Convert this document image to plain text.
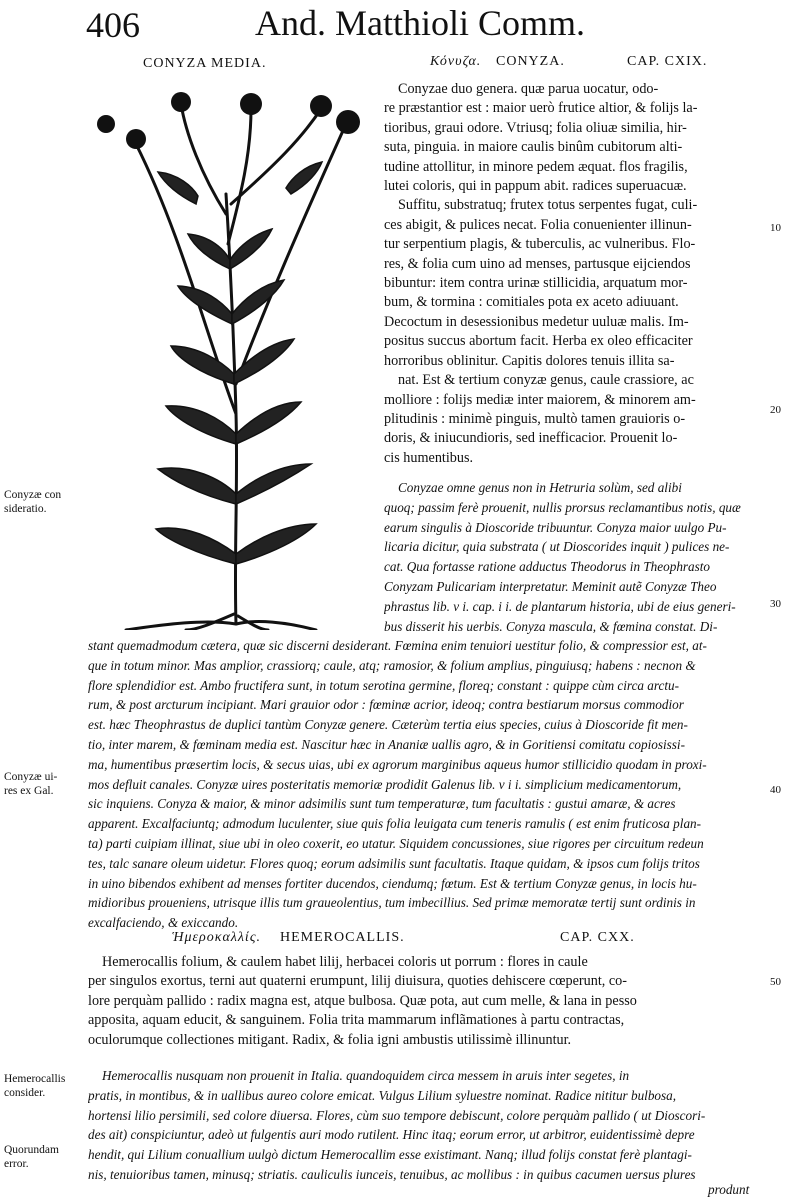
406	And. Matthioli Comm.
CONYZA MEDIA.	Κόνυζα. CONYZA.	CAP. CXIX.
Conyzae duo genera. quæ parua uocatur, odo-
re præstantior est : maior uerò frutice altior, & folijs la-
tioribus, graui odore. Vtriusq; folia oliuæ similia, hir-
suta, pinguia. in maiore caulis binûm cubitorum alti-
tudine attollitur, in minore pedem æquat. flos fragilis,
lutei coloris, qui in pappum abit. radices superuacuæ.
Suffitu, substratuq; frutex totus serpentes fugat, culi-
ces abigit, & pulices necat. Folia conuenienter illinun-
tur serpentium plagis, & tuberculis, ac vulneribus. Flo-
res, & folia cum uino ad menses, partusque eijciendos
bibuntur: item contra urinæ stillicidia, arquatum mor-
bum, & tormina : comitiales pota ex aceto adiuuant.
Decoctum in desessionibus medetur uuluæ malis. Im-
positus succus abortum facit. Herba ex oleo efficaciter
horroribus oblinitur. Capitis dolores tenuis illita sa-
nat. Est & tertium conyzæ genus, caule crassiore, ac
molliore : folijs mediæ inter maiorem, & minorem am-
plitudinis : minimè pinguis, multò tamen grauioris o-
doris, & iniucundioris, sed inefficacior. Prouenit lo-
cis humentibus.
Conyzae omne genus non in Hetruria solùm, sed alibi
quoq; passim ferè prouenit, nullis prorsus reclamantibus notis, quæ
earum singulis à Dioscoride tribuuntur. Conyza maior uulgo Pu-
licaria dicitur, quia substrata ( ut Dioscorides inquit ) pulices ne-
cat. Qua fortasse ratione adductus Theodorus in Theophrasto
Conyzam Pulicariam interpretatur. Meminit autẽ Conyzæ Theo
phrastus lib. v i. cap. i i. de plantarum historia, ubi de eius generi-
bus disserit his uerbis. Conyza mascula, & fœmina constat. Di-
stant quemadmodum cætera, quæ sic discerni desiderant. Fœmina enim tenuiori uestitur folio, & compressior est, at-
que in totum minor. Mas amplior, crassiorq; caule, atq; ramosior, & folium amplius, pinguiusq; habens : necnon &
flore splendidior est. Ambo fructifera sunt, in totum serotina germine, floreq; constant : quippe cùm circa arctu-
rum, & post arcturum incipiant. Mari grauior odor : fœminæ acrior, ideoq; contra bestiarum morsus commodior
est. hæc Theophrastus de duplici tantùm Conyzæ genere. Cæterùm tertia eius species, cuius à Dioscoride fit men-
tio, inter marem, & fœminam media est. Nascitur hæc in Ananiæ uallis agro, & in Goritiensi comitatu copiosissi-
ma, humentibus præsertim locis, & secus uias, ubi ex agrorum marginibus aqueus humor stillicidio quodam in proxi-
mos defluit canales. Conyzæ uires posteritatis memoriæ prodidit Galenus lib. v i i. simplicium medicamentorum,
sic inquiens. Conyza & maior, & minor adsimilis sunt tum temperaturæ, tum facultatis : gustui amaræ, & acres
apparent. Excalfaciuntq; admodum luculenter, siue quis folia leuigata cum teneris ramulis ( est enim fruticosa plan-
ta) parti cuipiam illinat, siue ubi in oleo coxerit, eo utatur. Siquidem concussiones, siue rigores per circuitum redeun
tes, talc sanare oleum uidetur. Flores quoq; eorum adsimilis sunt facultatis. Itaque quidam, & ipsos cum folijs tritos
in uino bibendos exhibent ad menses fortiter ducendos, ciendumq; fœtum. Est & tertium Conyzæ genus, in locis hu-
midioribus proueniens, utrisque illis tum graueolentius, tum imbecillius. Sed primæ memoratæ tertij sunt ordinis in
excalfaciendo, & exiccando.
Ἡμεροκαλλίς. HEMEROCALLIS.	CAP. CXX.
Hemerocallis folium, & caulem habet lilij, herbacei coloris ut porrum : flores in caule
per singulos exortus, terni aut quaterni erumpunt, lilij diuisura, quoties dehiscere cœperunt, co-
lore perquàm pallido : radix magna est, atque bulbosa. Quæ pota, aut cum melle, & lana in pesso
apposita, aquam educit, & sanguinem. Folia trita mammarum inflãmationes à partu contractas,
oculorumque collectiones mitigant. Radix, & folia igni ambustis utilissimè illinuntur.
Hemerocallis nusquam non prouenit in Italia. quandoquidem circa messem in aruis inter segetes, in
pratis, in montibus, & in uallibus aureo colore emicat. Vulgus Lilium syluestre nominat. Radice nititur bulbosa,
hortensi lilio persimili, sed colore diuersa. Flores, cùm suo tempore debiscunt, colore perquàm pallido ( ut Dioscori-
des ait) conspiciuntur, adeò ut fulgentis auri modo rutilent. Hinc itaq; eorum error, ut arbitror, euidentissimè depre
hendit, qui Lilium conuallium uulgò dictum Hemerocallim esse existimant. Nanq; illud folijs constat ferè plantagi-
nis, tenuioribus tamen, minusq; striatis. cauliculis iunceis, tenuibus, ac mollibus : in quibus cacumen uersus plures
produnt
Conyzæ con
sideratio.
Conyzæ ui-
res ex Gal.
Hemerocallis
consider.
Quorundam
error.
10
20
30
40
50
